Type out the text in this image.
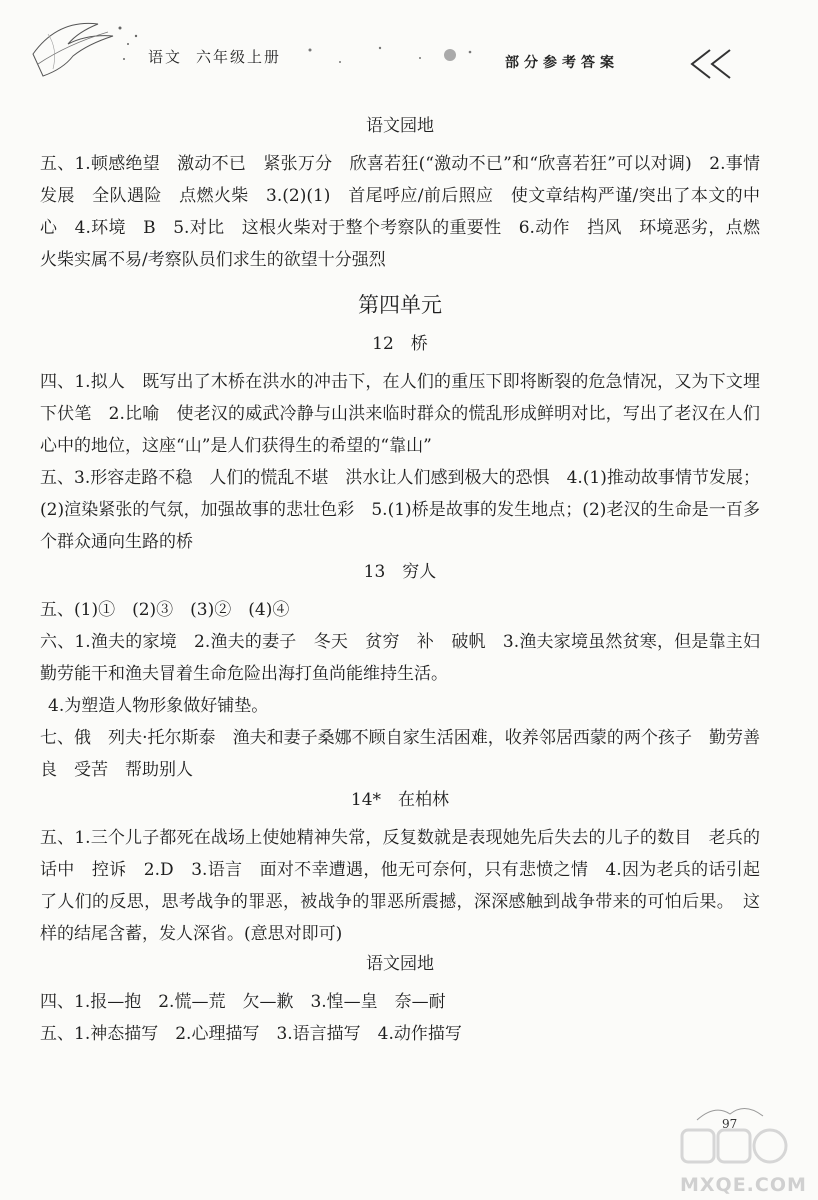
语文 六年级上册	部分参考答案
语文园地
五、1.顿感绝望　激动不已　紧张万分　欣喜若狂(“激动不已”和“欣喜若狂”可以对调)　2.事情发展　全队遇险　点燃火柴　3.(2)(1)　首尾呼应/前后照应　使文章结构严谨/突出了本文的中心　4.环境　B　5.对比　这根火柴对于整个考察队的重要性　6.动作　挡风　环境恶劣，点燃火柴实属不易/考察队员们求生的欲望十分强烈
第四单元
12　桥
四、1.拟人　既写出了木桥在洪水的冲击下，在人们的重压下即将断裂的危急情况，又为下文埋下伏笔　2.比喻　使老汉的威武冷静与山洪来临时群众的慌乱形成鲜明对比，写出了老汉在人们心中的地位，这座“山”是人们获得生的希望的“靠山”
五、3.形容走路不稳　人们的慌乱不堪　洪水让人们感到极大的恐惧　4.(1)推动故事情节发展；(2)渲染紧张的气氛，加强故事的悲壮色彩　5.(1)桥是故事的发生地点；(2)老汉的生命是一百多个群众通向生路的桥
13　穷人
五、(1)①　(2)③　(3)②　(4)④
六、1.渔夫的家境　2.渔夫的妻子　冬天　贫穷　补　破帆　3.渔夫家境虽然贫寒，但是靠主妇勤劳能干和渔夫冒着生命危险出海打鱼尚能维持生活。
4.为塑造人物形象做好铺垫。
七、俄　列夫·托尔斯泰　渔夫和妻子桑娜不顾自家生活困难，收养邻居西蒙的两个孩子　勤劳善良　受苦　帮助别人
14*　在柏林
五、1.三个儿子都死在战场上使她精神失常，反复数就是表现她先后失去的儿子的数目　老兵的话中　控诉　2.D　3.语言　面对不幸遭遇，他无可奈何，只有悲愤之情　4.因为老兵的话引起了人们的反思，思考战争的罪恶，被战争的罪恶所震撼，深深感触到战争带来的可怕后果。　这样的结尾含蓄，发人深省。(意思对即可)
语文园地
四、1.报—抱　2.慌—荒　欠—歉　3.惶—皇　奈—耐
五、1.神态描写　2.心理描写　3.语言描写　4.动作描写
97
MXQE.COM
